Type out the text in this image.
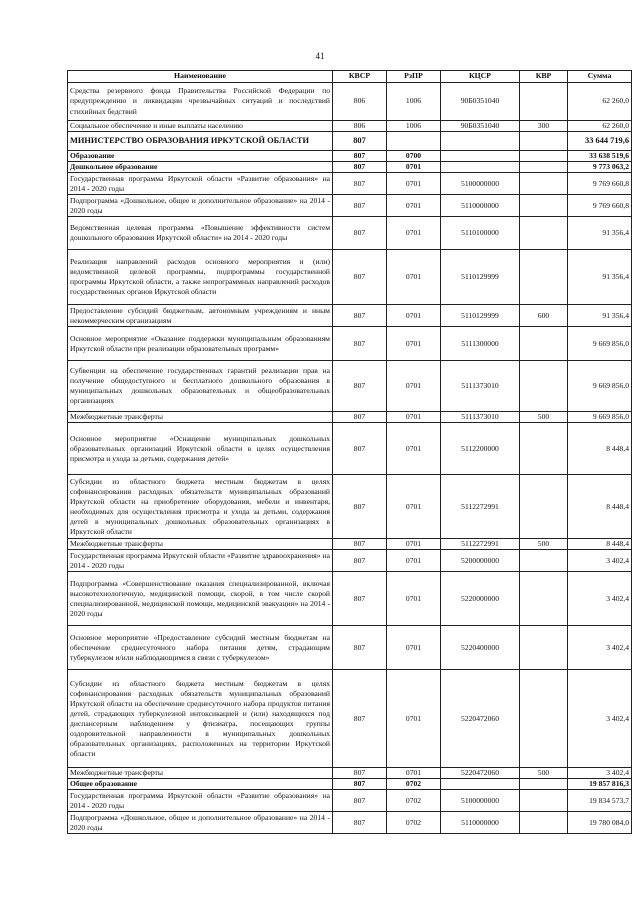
41
Наименование	КВСР	РзПР	КЦСР	КВР	Сумма
Средства резервного фонда Правительства Российской Федерации по предупреждению и ликвидации чрезвычайных ситуаций и последствий стихийных бедствий	806	1006	90Б0351040		62 260,0
Социальное обеспечение и иные выплаты населению	806	1006	90Б0351040	300	62 260,0
МИНИСТЕРСТВО ОБРАЗОВАНИЯ ИРКУТСКОЙ ОБЛАСТИ	807				33 644 719,6
Образование	807	0700			33 638 519,6
Дошкольное образование	807	0701			9 773 063,2
Государственная программа Иркутской области «Развитие образования» на 2014 - 2020 годы	807	0701	5100000000		9 769 660,8
Подпрограмма «Дошкольное, общее и дополнительное образование» на 2014 - 2020 годы	807	0701	5110000000		9 769 660,8
Ведомственная целевая программа «Повышение эффективности систем дошкольного образования Иркутской области» на 2014 - 2020 годы	807	0701	5110100000		91 356,4
Реализация направлений расходов основного мероприятия и (или) ведомственной целевой программы, подпрограммы государственной программы Иркутской области, а также непрограммных направлений расходов государственных органов Иркутской области	807	0701	5110129999		91 356,4
Предоставление субсидий бюджетным, автономным учреждениям и иным некоммерческим организациям	807	0701	5110129999	600	91 356,4
Основное мероприятие «Оказание поддержки муниципальным образованиям Иркутской области при реализации образовательных программ»	807	0701	5111300000		9 669 856,0
Субвенции на обеспечение государственных гарантий реализации прав на получение общедоступного и бесплатного дошкольного образования в муниципальных дошкольных образовательных и общеобразовательных организациях	807	0701	5111373010		9 669 856,0
Межбюджетные трансферты	807	0701	5111373010	500	9 669 856,0
Основное мероприятие «Оснащение муниципальных дошкольных образовательных организаций Иркутской области в целях осуществления присмотра и ухода за детьми, содержания детей»	807	0701	5112200000		8 448,4
Субсидии из областного бюджета местным бюджетам в целях софинансирования расходных обязательств муниципальных образований Иркутской области на приобретение оборудования, мебели и инвентаря, необходимых для осуществления присмотра и ухода за детьми, содержания детей в муниципальных дошкольных образовательных организациях в Иркутской области	807	0701	5112272991		8 448,4
Межбюджетные трансферты	807	0701	5112272991	500	8 448,4
Государственная программа Иркутской области «Развитие здравоохранения» на 2014 - 2020 годы	807	0701	5200000000		3 402,4
Подпрограмма «Совершенствование оказания специализированной, включая высокотехнологичную, медицинской помощи, скорой, в том числе скорой специализированной, медицинской помощи, медицинской эвакуации» на 2014 - 2020 годы	807	0701	5220000000		3 402,4
Основное мероприятие «Предоставление субсидий местным бюджетам на обеспечение среднесуточного набора питания детям, страдающим туберкулезом и/или наблюдающимся в связи с туберкулезом»	807	0701	5220400000		3 402,4
Субсидии из областного бюджета местным бюджетам в целях софинансирования расходных обязательств муниципальных образований Иркутской области на обеспечение среднесуточного набора продуктов питания детей, страдающих туберкулезной интоксикацией и (или) находящихся под диспансерным наблюдением у фтизиатра, посещающих группы оздоровительной направленности в муниципальных дошкольных образовательных организациях, расположенных на территории Иркутской области	807	0701	5220472060		3 402,4
Межбюджетные трансферты	807	0701	5220472060	500	3 402,4
Общее образование	807	0702			19 857 816,3
Государственная программа Иркутской области «Развитие образования» на 2014 - 2020 годы	807	0702	5100000000		19 834 573,7
Подпрограмма «Дошкольное, общее и дополнительное образование» на 2014 - 2020 годы	807	0702	5110000000		19 780 084,0
